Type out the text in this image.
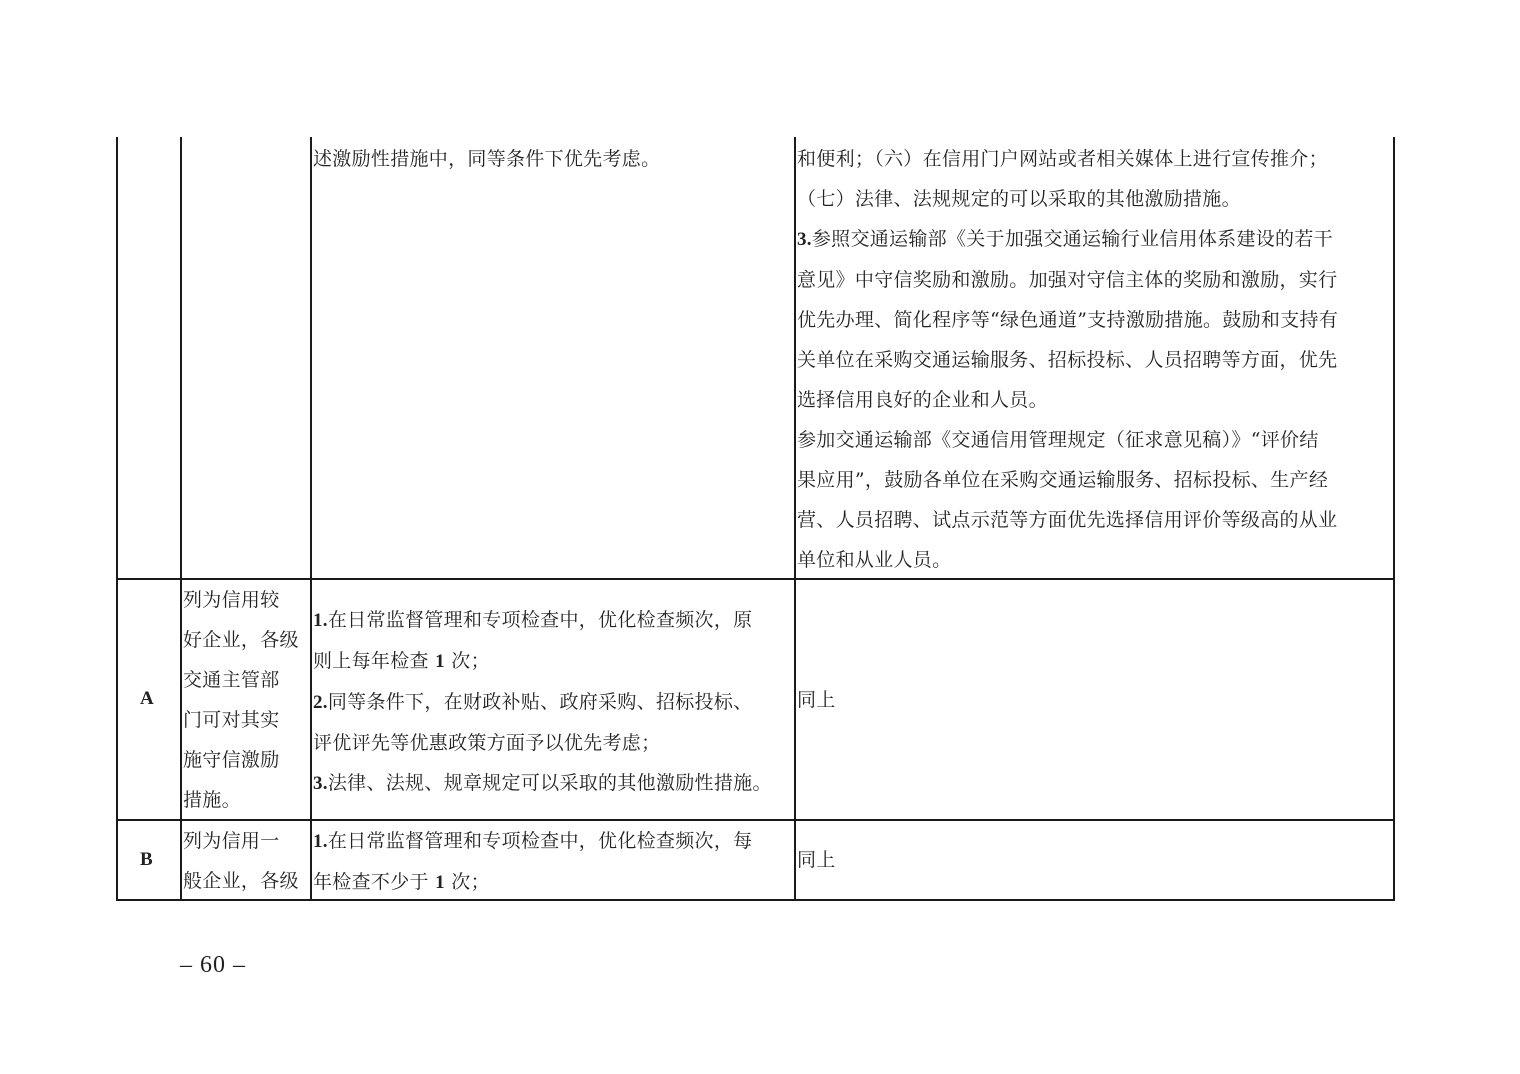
述激励性措施中，同等条件下优先考虑。	和便利；（六）在信用门户网站或者相关媒体上进行宣传推介；
（七）法律、法规规定的可以采取的其他激励措施。
3.参照交通运输部《关于加强交通运输行业信用体系建设的若干
意见》中守信奖励和激励。加强对守信主体的奖励和激励，实行
优先办理、简化程序等“绿色通道”支持激励措施。鼓励和支持有
关单位在采购交通运输服务、招标投标、人员招聘等方面，优先
选择信用良好的企业和人员。
参加交通运输部《交通信用管理规定（征求意见稿）》“评价结
果应用”，鼓励各单位在采购交通运输服务、招标投标、生产经
营、人员招聘、试点示范等方面优先选择信用评价等级高的从业
单位和从业人员。
A
列为信用较
好企业，各级
交通主管部
门可对其实
施守信激励
措施。
1.在日常监督管理和专项检查中，优化检查频次，原
则上每年检查 1 次；
2.同等条件下，在财政补贴、政府采购、招标投标、
评优评先等优惠政策方面予以优先考虑；
3.法律、法规、规章规定可以采取的其他激励性措施。
同上
B
列为信用一
般企业，各级
1.在日常监督管理和专项检查中，优化检查频次，每
年检查不少于 1 次；
同上
– 60 –
